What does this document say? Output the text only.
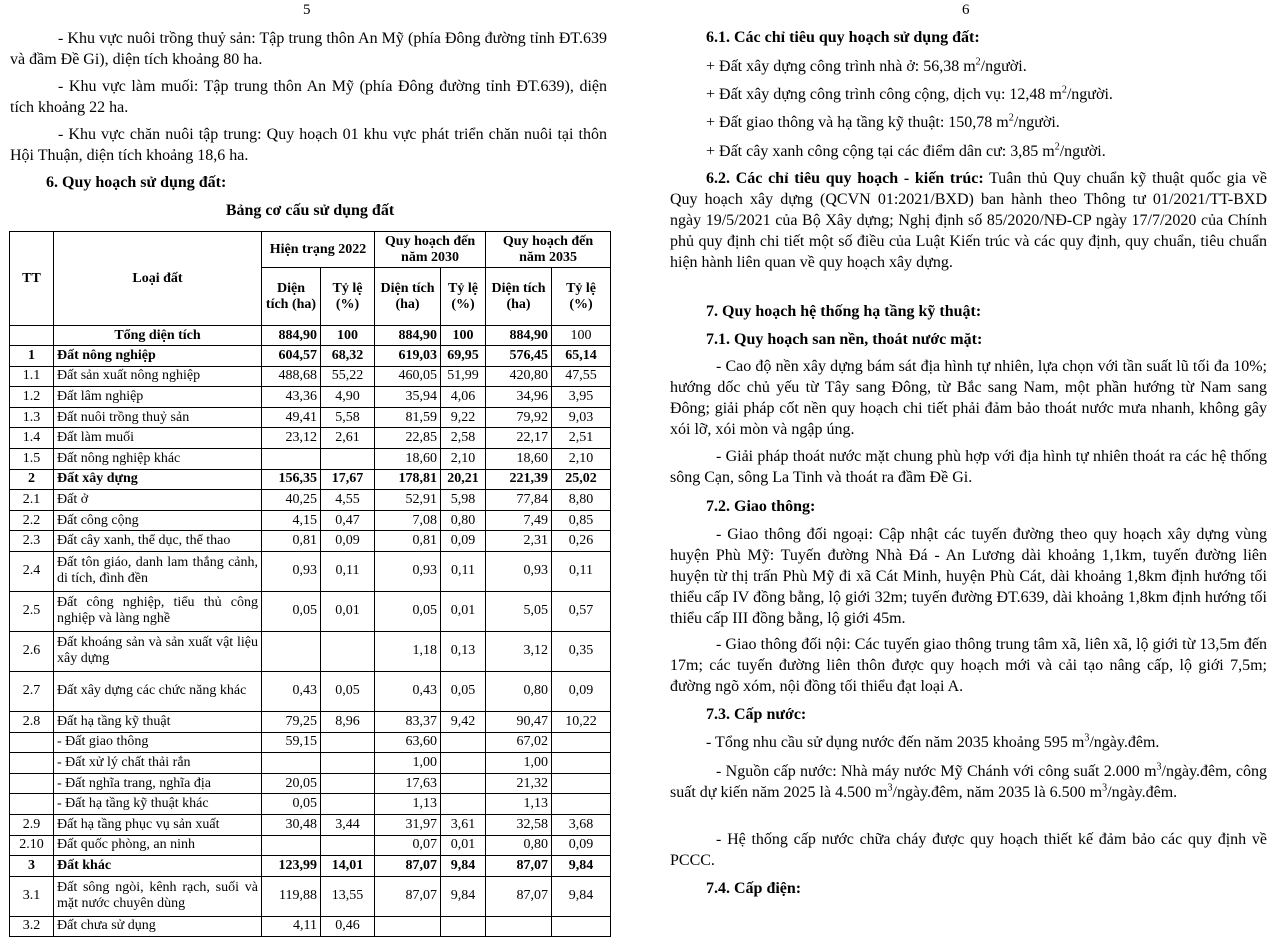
5

- Khu vực nuôi trồng thuỷ sản: Tập trung thôn An Mỹ (phía Đông đường tỉnh ĐT.639 và đầm Đề Gi), diện tích khoảng 80 ha.

- Khu vực làm muối: Tập trung thôn An Mỹ (phía Đông đường tỉnh ĐT.639), diện tích khoảng 22 ha.

- Khu vực chăn nuôi tập trung: Quy hoạch 01 khu vực phát triển chăn nuôi tại thôn Hội Thuận, diện tích khoảng 18,6 ha.

6. Quy hoạch sử dụng đất:

Bảng cơ cấu sử dụng đất
TT	Loại đất	Hiện trạng 2022		Quy hoạch đến năm 2030		Quy hoạch đến năm 2035	
		Diện tích (ha)	Tỷ lệ (%)	Diện tích (ha)	Tỷ lệ (%)	Diện tích (ha)	Tỷ lệ (%)
	Tổng diện tích	884,90	100	884,90	100	884,90	100
1	Đất nông nghiệp	604,57	68,32	619,03	69,95	576,45	65,14
1.1	Đất sản xuất nông nghiệp	488,68	55,22	460,05	51,99	420,80	47,55
1.2	Đất lâm nghiệp	43,36	4,90	35,94	4,06	34,96	3,95
1.3	Đất nuôi trồng thuỷ sản	49,41	5,58	81,59	9,22	79,92	9,03
1.4	Đất làm muối	23,12	2,61	22,85	2,58	22,17	2,51
1.5	Đất nông nghiệp khác			18,60	2,10	18,60	2,10
2	Đất xây dựng	156,35	17,67	178,81	20,21	221,39	25,02
2.1	Đất ở	40,25	4,55	52,91	5,98	77,84	8,80
2.2	Đất công cộng	4,15	0,47	7,08	0,80	7,49	0,85
2.3	Đất cây xanh, thể dục, thể thao	0,81	0,09	0,81	0,09	2,31	0,26
2.4	Đất tôn giáo, danh lam thắng cảnh, di tích, đình đền	0,93	0,11	0,93	0,11	0,93	0,11
2.5	Đất công nghiệp, tiểu thủ công nghiệp và làng nghề	0,05	0,01	0,05	0,01	5,05	0,57
2.6	Đất khoáng sản và sản xuất vật liệu xây dựng			1,18	0,13	3,12	0,35
2.7	Đất xây dựng các chức năng khác	0,43	0,05	0,43	0,05	0,80	0,09
2.8	Đất hạ tầng kỹ thuật	79,25	8,96	83,37	9,42	90,47	10,22
	- Đất giao thông	59,15		63,60		67,02	
	- Đất xử lý chất thải rắn			1,00		1,00	
	- Đất nghĩa trang, nghĩa địa	20,05		17,63		21,32	
	- Đất hạ tầng kỹ thuật khác	0,05		1,13		1,13	
2.9	Đất hạ tầng phục vụ sản xuất	30,48	3,44	31,97	3,61	32,58	3,68
2.10	Đất quốc phòng, an ninh			0,07	0,01	0,80	0,09
3	Đất khác	123,99	14,01	87,07	9,84	87,07	9,84
3.1	Đất sông ngòi, kênh rạch, suối và mặt nước chuyên dùng	119,88	13,55	87,07	9,84	87,07	9,84
3.2	Đất chưa sử dụng	4,11	0,46				
6

6.1. Các chỉ tiêu quy hoạch sử dụng đất:

+ Đất xây dựng công trình nhà ở: 56,38 $m^2$/người.

+ Đất xây dựng công trình công cộng, dịch vụ: 12,48 $m^2$/người.

+ Đất giao thông và hạ tầng kỹ thuật: 150,78 $m^2$/người.

+ Đất cây xanh công cộng tại các điểm dân cư: 3,85 $m^2$/người.

6.2. Các chỉ tiêu quy hoạch - kiến trúc: Tuân thủ Quy chuẩn kỹ thuật quốc gia về Quy hoạch xây dựng (QCVN 01:2021/BXD) ban hành theo Thông tư 01/2021/TT-BXD ngày 19/5/2021 của Bộ Xây dựng; Nghị định số 85/2020/NĐ-CP ngày 17/7/2020 của Chính phủ quy định chi tiết một số điều của Luật Kiến trúc và các quy định, quy chuẩn, tiêu chuẩn hiện hành liên quan về quy hoạch xây dựng.

7. Quy hoạch hệ thống hạ tầng kỹ thuật:

7.1. Quy hoạch san nền, thoát nước mặt:

- Cao độ nền xây dựng bám sát địa hình tự nhiên, lựa chọn với tần suất lũ tối đa 10%; hướng dốc chủ yếu từ Tây sang Đông, từ Bắc sang Nam, một phần hướng từ Nam sang Đông; giải pháp cốt nền quy hoạch chi tiết phải đảm bảo thoát nước mưa nhanh, không gây xói lỡ, xói mòn và ngập úng.

- Giải pháp thoát nước mặt chung phù hợp với địa hình tự nhiên thoát ra các hệ thống sông Cạn, sông La Tinh và thoát ra đầm Đề Gi.

7.2. Giao thông:

- Giao thông đối ngoại: Cập nhật các tuyến đường theo quy hoạch xây dựng vùng huyện Phù Mỹ: Tuyến đường Nhà Đá - An Lương dài khoảng 1,1km, tuyến đường liên huyện từ thị trấn Phù Mỹ đi xã Cát Minh, huyện Phù Cát, dài khoảng 1,8km định hướng tối thiểu cấp IV đồng bằng, lộ giới 32m; tuyến đường ĐT.639, dài khoảng 1,8km định hướng tối thiểu cấp III đồng bằng, lộ giới 45m.

- Giao thông đối nội: Các tuyến giao thông trung tâm xã, liên xã, lộ giới từ 13,5m đến 17m; các tuyến đường liên thôn được quy hoạch mới và cải tạo nâng cấp, lộ giới 7,5m; đường ngõ xóm, nội đồng tối thiểu đạt loại A.

7.3. Cấp nước:

- Tổng nhu cầu sử dụng nước đến năm 2035 khoảng 595 $m^3/ngày.đêm$.

- Nguồn cấp nước: Nhà máy nước Mỹ Chánh với công suất 2.000 $m^3/ngày.đêm$, công suất dự kiến năm 2025 là 4.500 $m^3/ngày.đêm$, năm 2035 là 6.500 $m^3/ngày.đêm$.

- Hệ thống cấp nước chữa cháy được quy hoạch thiết kế đảm bảo các quy định về PCCC.

7.4. Cấp điện:
